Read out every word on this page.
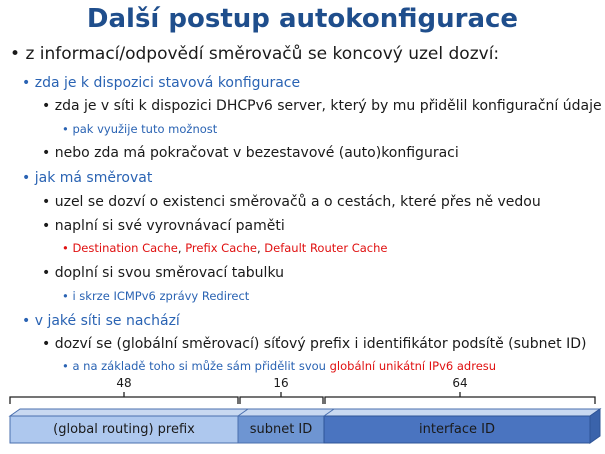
Další postup autokonfigurace
• z informací/odpovědí směrovačů se koncový uzel dozví:
• zda je k dispozici stavová konfigurace
• zda je v síti k dispozici DHCPv6 server, který by mu přidělil konfigurační údaje
• pak využije tuto možnost
• nebo zda má pokračovat v bezestavové (auto)konfiguraci
• jak má směrovat
• uzel se dozví o existenci směrovačů a o cestách, které přes ně vedou
• naplní si své vyrovnávací paměti
• Destination Cache, Prefix Cache, Default Router Cache
• doplní si svou směrovací tabulku
• i skrze ICMPv6 zprávy Redirect
• v jaké síti se nachází
• dozví se (globální směrovací) síťový prefix i identifikátor podsítě (subnet ID)
• a na základě toho si může sám přidělit svou globální unikátní IPv6 adresu
48	16	64
(global routing) prefix	subnet ID	interface ID
